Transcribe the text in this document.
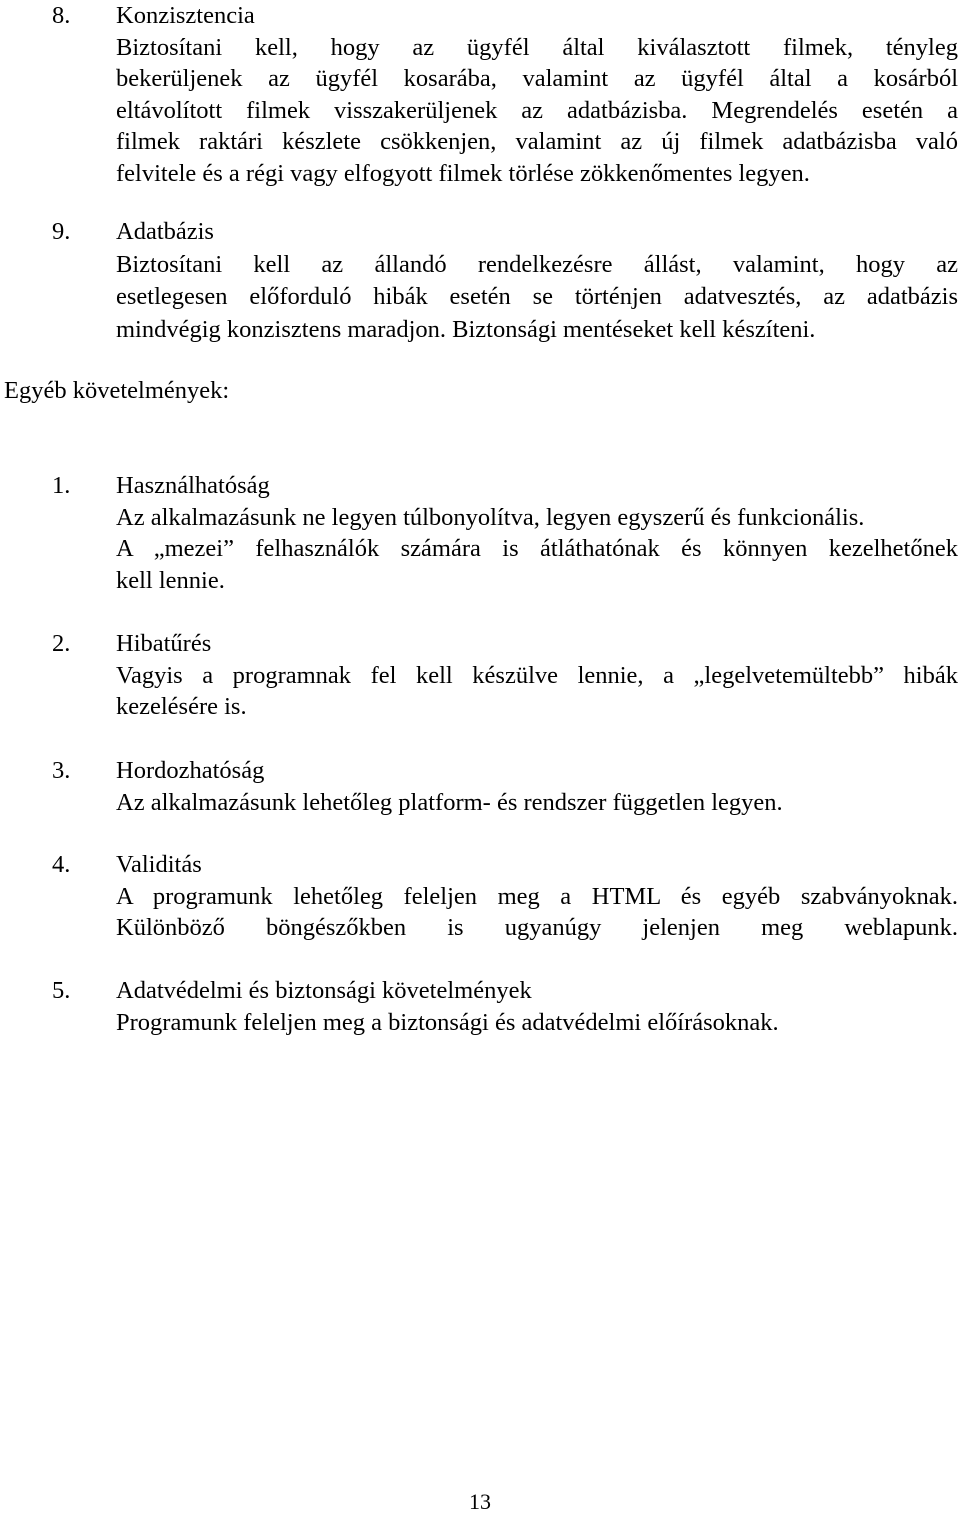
8. Konzisztencia
Biztosítani kell, hogy az ügyfél által kiválasztott filmek, tényleg
bekerüljenek az ügyfél kosarába, valamint az ügyfél által a kosárból
eltávolított filmek visszakerüljenek az adatbázisba. Megrendelés esetén a
filmek raktári készlete csökkenjen, valamint az új filmek adatbázisba való
felvitele és a régi vagy elfogyott filmek törlése zökkenőmentes legyen.
9. Adatbázis
Biztosítani kell az állandó rendelkezésre állást, valamint, hogy az
esetlegesen előforduló hibák esetén se történjen adatvesztés, az adatbázis
mindvégig konzisztens maradjon. Biztonsági mentéseket kell készíteni.
Egyéb követelmények:
1. Használhatóság
Az alkalmazásunk ne legyen túlbonyolítva, legyen egyszerű és funkcionális.
A „mezei” felhasználók számára is átláthatónak és könnyen kezelhetőnek
kell lennie.
2. Hibatűrés
Vagyis a programnak fel kell készülve lennie, a „legelvetemültebb” hibák
kezelésére is.
3. Hordozhatóság
Az alkalmazásunk lehetőleg platform- és rendszer független legyen.
4. Validitás
A programunk lehetőleg feleljen meg a HTML és egyéb szabványoknak.
Különböző böngészőkben is ugyanúgy jelenjen meg weblapunk.
5. Adatvédelmi és biztonsági követelmények
Programunk feleljen meg a biztonsági és adatvédelmi előírásoknak.
13
